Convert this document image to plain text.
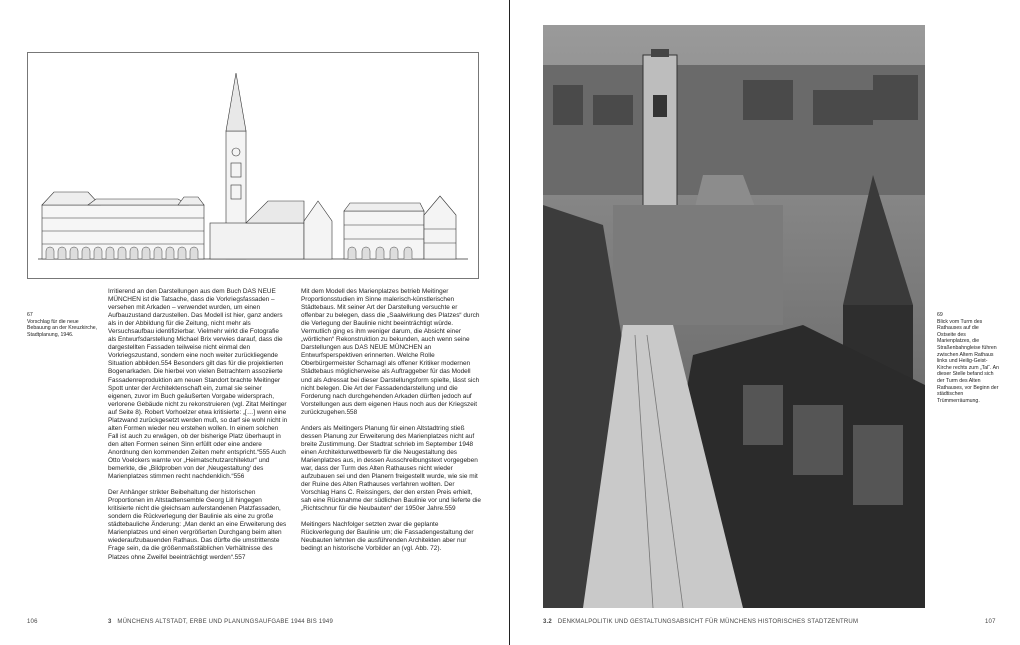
67
Vorschlag für die neue Bebauung an der Kreuzkirche, Stadtplanung, 1946.

Irritierend an den Darstellungen aus dem Buch DAS NEUE MÜNCHEN ist die Tatsache, dass die Vorkriegsfassaden – versehen mit Arkaden – verwendet wurden, um einen Aufbauzustand darzustellen. Das Modell ist hier, ganz anders als in der Abbildung für die Zeitung, nicht mehr als Versuchsaufbau identifizierbar. Vielmehr wirkt die Fotografie als Entwurfsdarstellung Michael Brix verwies darauf, dass die dargestellten Fassaden teilweise nicht einmal den Vorkriegszustand, sondern eine noch weiter zurückliegende Situation abbilden.554 Besonders gilt das für die projektierten Bogenarkaden. Die hierbei von vielen Betrachtern assoziierte Fassadenreproduktion am neuen Standort brachte Meitinger Spott unter der Architektenschaft ein, zumal sie seiner eigenen, zuvor im Buch geäußerten Vorgabe widersprach, verlorene Gebäude nicht zu rekonstruieren (vgl. Zitat Meitinger auf Seite 8). Robert Vorhoelzer etwa kritisierte: „[…] wenn eine Platzwand zurückgesetzt werden muß, so darf sie wohl nicht in alten Formen wieder neu erstehen wollen. In einem solchen Fall ist auch zu erwägen, ob der bisherige Platz überhaupt in den alten Formen seinen Sinn erfüllt oder eine andere Anordnung den kommenden Zeiten mehr entspricht.“555 Auch Otto Voelckers warnte vor „Heimatschutzarchitektur“ und bemerkte, die „Bildproben von der ‚Neugestaltung‘ des Marienplatzes stimmen recht nachdenklich.“556

Der Anhänger strikter Beibehaltung der historischen Proportionen im Altstadtensemble Georg Lill hingegen kritisierte nicht die gleichsam auferstandenen Platzfassaden, sondern die Rückverlegung der Baulinie als eine zu große städtebauliche Änderung: „Man denkt an eine Erweiterung des Marienplatzes und einen vergrößerten Durchgang beim alten wiederaufzubauenden Rathaus. Das dürfte die umstrittenste Frage sein, da die größenmaßstäblichen Verhältnisse des Platzes ohne Zweifel beeinträchtigt werden“.557

Mit dem Modell des Marienplatzes betrieb Meitinger Proportionsstudien im Sinne malerisch-künstlerischen Städtebaus. Mit seiner Art der Darstellung versuchte er offenbar zu belegen, dass die „Saalwirkung des Platzes“ durch die Verlegung der Baulinie nicht beeinträchtigt würde. Vermutlich ging es ihm weniger darum, die Absicht einer „wörtlichen“ Rekonstruktion zu bekunden, auch wenn seine Darstellungen aus DAS NEUE MÜNCHEN an Entwurfsperspektiven erinnerten. Welche Rolle Oberbürgermeister Scharnagl als offener Kritiker modernen Städtebaus möglicherweise als Auftraggeber für das Modell und als Adressat bei dieser Darstellungsform spielte, lässt sich nicht belegen. Die Art der Fassadendarstellung und die Forderung nach durchgehenden Arkaden dürften jedoch auf Vorstellungen aus dem eigenen Haus noch aus der Kriegszeit zurückzugehen.558

Anders als Meitingers Planung für einen Altstadtring stieß dessen Planung zur Erweiterung des Marienplatzes nicht auf breite Zustimmung. Der Stadtrat schrieb im September 1948 einen Architekturwettbewerb für die Neugestaltung des Marienplatzes aus, in dessen Ausschreibungstext vorgegeben war, dass der Turm des Alten Rathauses nicht wieder aufzubauen sei und den Planern freigestellt wurde, wie sie mit der Ruine des Alten Rathauses verfahren wollten. Der Vorschlag Hans C. Reissingers, der den ersten Preis erhielt, sah eine Rücknahme der südlichen Baulinie vor und lieferte die „Richtschnur für die Neubauten“ der 1950er Jahre.559

Meitingers Nachfolger setzten zwar die geplante Rückverlegung der Baulinie um; die Fassadengestaltung der Neubauten lehnten die ausführenden Architekten aber nur bedingt an historische Vorbilder an (vgl. Abb. 72).

106	3 MÜNCHENS ALTSTADT, ERBE UND PLANUNGSAUFGABE 1944 BIS 1949
69
Blick vom Turm des Rathauses auf die Ostseite des Marienplatzes, die Straßenbahngleise führen zwischen Altem Rathaus links und Heilig-Geist-Kirche rechts zum „Tal“. An dieser Stelle befand sich der Turm des Alten Rathauses, vor Beginn der städtischen Trümmerräumung.
3.2 DENKMALPOLITIK UND GESTALTUNGSABSICHT FÜR MÜNCHENS HISTORISCHES STADTZENTRUM	107
